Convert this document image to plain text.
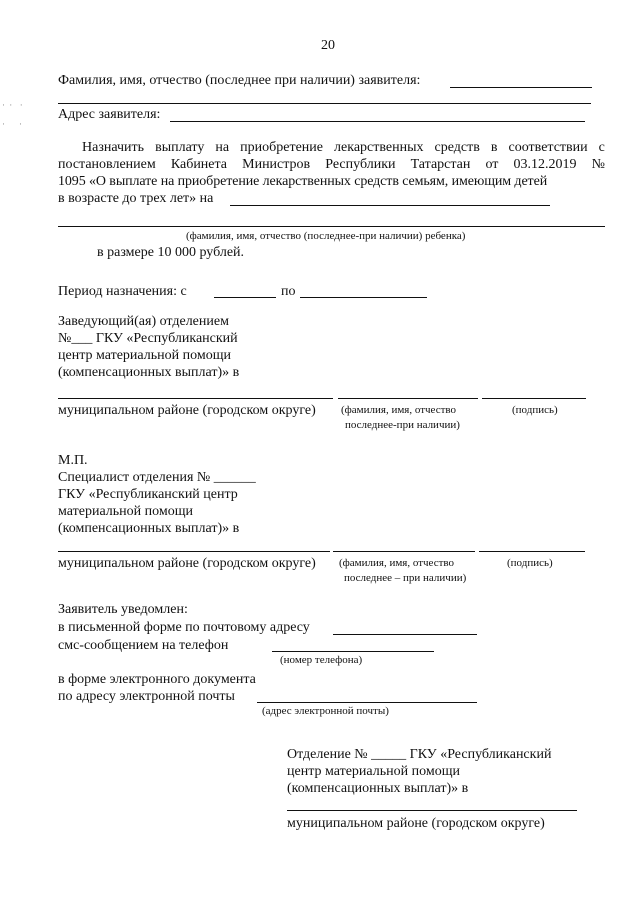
· ·  ·
·    ·
20
Фамилия, имя, отчество (последнее при наличии) заявителя:
Адрес заявителя:
Назначить выплату на приобретение лекарственных средств в соответствии с
постановлением Кабинета Министров Республики Татарстан от 03.12.2019 №
1095 «О выплате на приобретение лекарственных средств семьям, имеющим детей
в возрасте до трех лет» на
(фамилия, имя, отчество (последнее-при наличии) ребенка)
в размере 10 000 рублей.
Период назначения: с	по
Заведующий(ая) отделением
№___ ГКУ «Республиканский
центр материальной помощи
(компенсационных выплат)» в
муниципальном районе (городском округе) (фамилия, имя, отчество
последнее-при наличии)
(подпись)
М.П.
Специалист отделения № ______
ГКУ «Республиканский центр
материальной помощи
(компенсационных выплат)» в
муниципальном районе (городском округе) (фамилия, имя, отчество
последнее – при наличии)
(подпись)
Заявитель уведомлен:
в письменной форме по почтовому адресу
смс-сообщением на телефон
(номер телефона)
в форме электронного документа
по адресу электронной почты
(адрес электронной почты)
Отделение № _____ ГКУ «Республиканский
центр материальной помощи
(компенсационных выплат)» в
муниципальном районе (городском округе)
